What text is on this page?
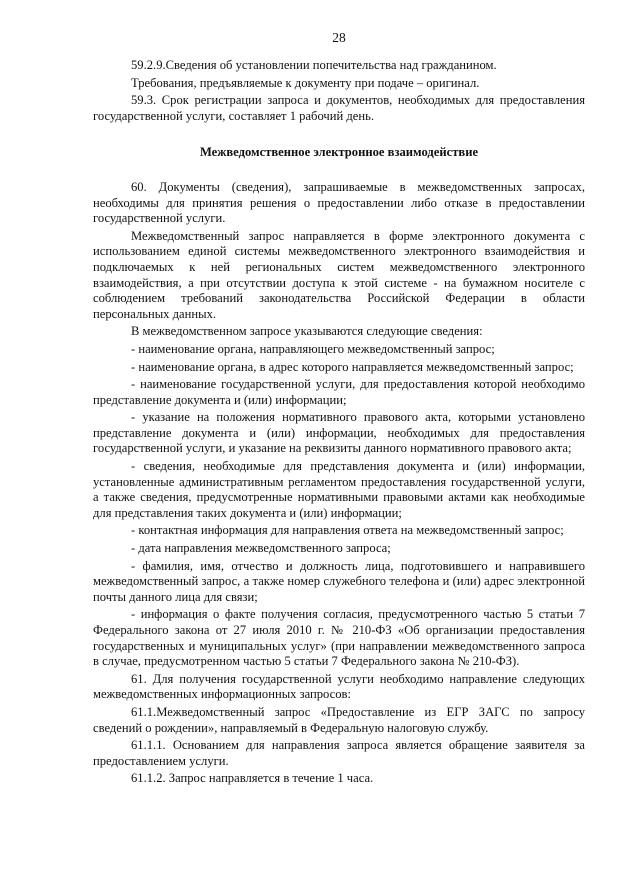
28

59.2.9.Сведения об установлении попечительства над гражданином.

Требования, предъявляемые к документу при подаче – оригинал.

59.3. Срок регистрации запроса и документов, необходимых для предоставления государственной услуги, составляет 1 рабочий день.

Межведомственное электронное взаимодействие

60. Документы (сведения), запрашиваемые в межведомственных запросах, необходимы для принятия решения о предоставлении либо отказе в предоставлении государственной услуги.

Межведомственный запрос направляется в форме электронного документа с использованием единой системы межведомственного электронного взаимодействия и подключаемых к ней региональных систем межведомственного электронного взаимодействия, а при отсутствии доступа к этой системе - на бумажном носителе с соблюдением требований законодательства Российской Федерации в области персональных данных.

В межведомственном запросе указываются следующие сведения:

- наименование органа, направляющего межведомственный запрос;

- наименование органа, в адрес которого направляется межведомственный запрос;

- наименование государственной услуги, для предоставления которой необходимо представление документа и (или) информации;

- указание на положения нормативного правового акта, которыми установлено представление документа и (или) информации, необходимых для предоставления государственной услуги, и указание на реквизиты данного нормативного правового акта;

- сведения, необходимые для представления документа и (или) информации, установленные административным регламентом предоставления государственной услуги, а также сведения, предусмотренные нормативными правовыми актами как необходимые для представления таких документа и (или) информации;

- контактная информация для направления ответа на межведомственный запрос;

- дата направления межведомственного запроса;

- фамилия, имя, отчество и должность лица, подготовившего и направившего межведомственный запрос, а также номер служебного телефона и (или) адрес электронной почты данного лица для связи;

- информация о факте получения согласия, предусмотренного частью 5 статьи 7 Федерального закона от 27 июля 2010 г. № 210-ФЗ «Об организации предоставления государственных и муниципальных услуг» (при направлении межведомственного запроса в случае, предусмотренном частью 5 статьи 7 Федерального закона № 210-ФЗ).

61. Для получения государственной услуги необходимо направление следующих межведомственных информационных запросов:

61.1.Межведомственный запрос «Предоставление из ЕГР ЗАГС по запросу сведений о рождении», направляемый в Федеральную налоговую службу.

61.1.1. Основанием для направления запроса является обращение заявителя за предоставлением услуги.

61.1.2. Запрос направляется в течение 1 часа.
